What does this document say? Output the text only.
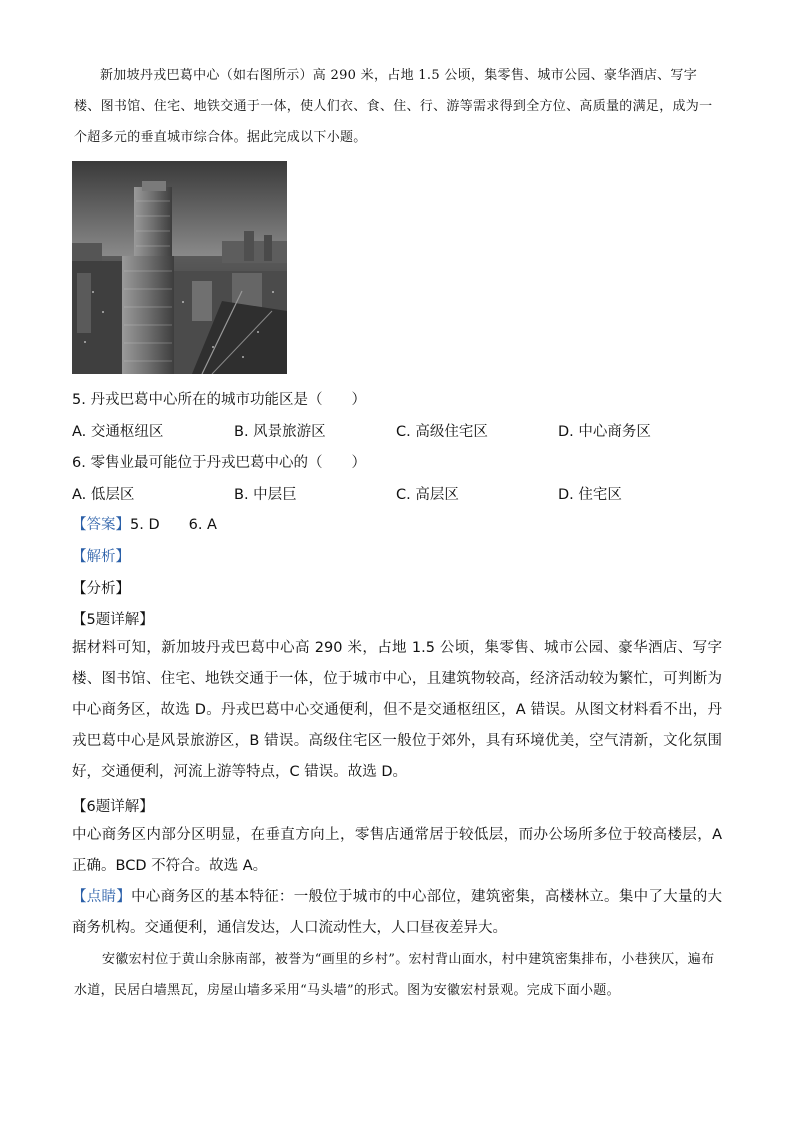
新加坡丹戎巴葛中心（如右图所示）高 290 米，占地 1.5 公顷，集零售、城市公园、豪华酒店、写字楼、图书馆、住宅、地铁交通于一体，使人们衣、食、住、行、游等需求得到全方位、高质量的满足，成为一个超多元的垂直城市综合体。据此完成以下小题。

5. 丹戎巴葛中心所在的城市功能区是（　　）

A. 交通枢纽区	B. 风景旅游区	C. 高级住宅区	D. 中心商务区

6. 零售业最可能位于丹戎巴葛中心的（　　）

A. 低层区	B. 中层巨	C. 高层区	D. 住宅区

【答案】5. D　　6. A

【解析】

【分析】

【5题详解】

据材料可知，新加坡丹戎巴葛中心高 290 米，占地 1.5 公顷，集零售、城市公园、豪华酒店、写字楼、图书馆、住宅、地铁交通于一体，位于城市中心，且建筑物较高，经济活动较为繁忙，可判断为中心商务区，故选 D。丹戎巴葛中心交通便利，但不是交通枢纽区，A 错误。从图文材料看不出，丹戎巴葛中心是风景旅游区，B 错误。高级住宅区一般位于郊外，具有环境优美，空气清新，文化氛围好，交通便利，河流上游等特点，C 错误。故选 D。

【6题详解】

中心商务区内部分区明显，在垂直方向上，零售店通常居于较低层，而办公场所多位于较高楼层，A 正确。BCD 不符合。故选 A。

【点睛】中心商务区的基本特征：一般位于城市的中心部位，建筑密集，高楼林立。集中了大量的大商务机构。交通便利，通信发达，人口流动性大，人口昼夜差异大。

安徽宏村位于黄山余脉南部，被誉为“画里的乡村”。宏村背山面水，村中建筑密集排布，小巷狭仄，遍布水道，民居白墙黑瓦，房屋山墙多采用“马头墙”的形式。图为安徽宏村景观。完成下面小题。
